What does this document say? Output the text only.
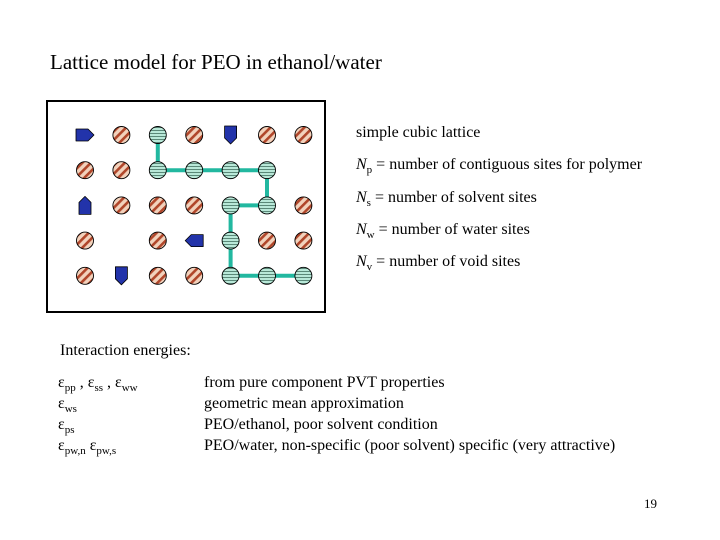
Lattice model for PEO in ethanol/water
simple cubic lattice
$N_p$ = number of contiguous sites for polymer
$N_s$ = number of solvent sites
$N_w$ = number of water sites
$N_v$ = number of void sites
Interaction energies:
$\varepsilon_{pp}$ , $\varepsilon_{ss}$ , $\varepsilon_{ww}$
$\varepsilon_{ws}$
$\varepsilon_{ps}$
$\varepsilon_{pw,n}$ $\varepsilon_{pw,s}$
from pure component PVT properties
geometric mean approximation
PEO/ethanol, poor solvent condition
PEO/water, non-specific (poor solvent) specific (very attractive)
19
